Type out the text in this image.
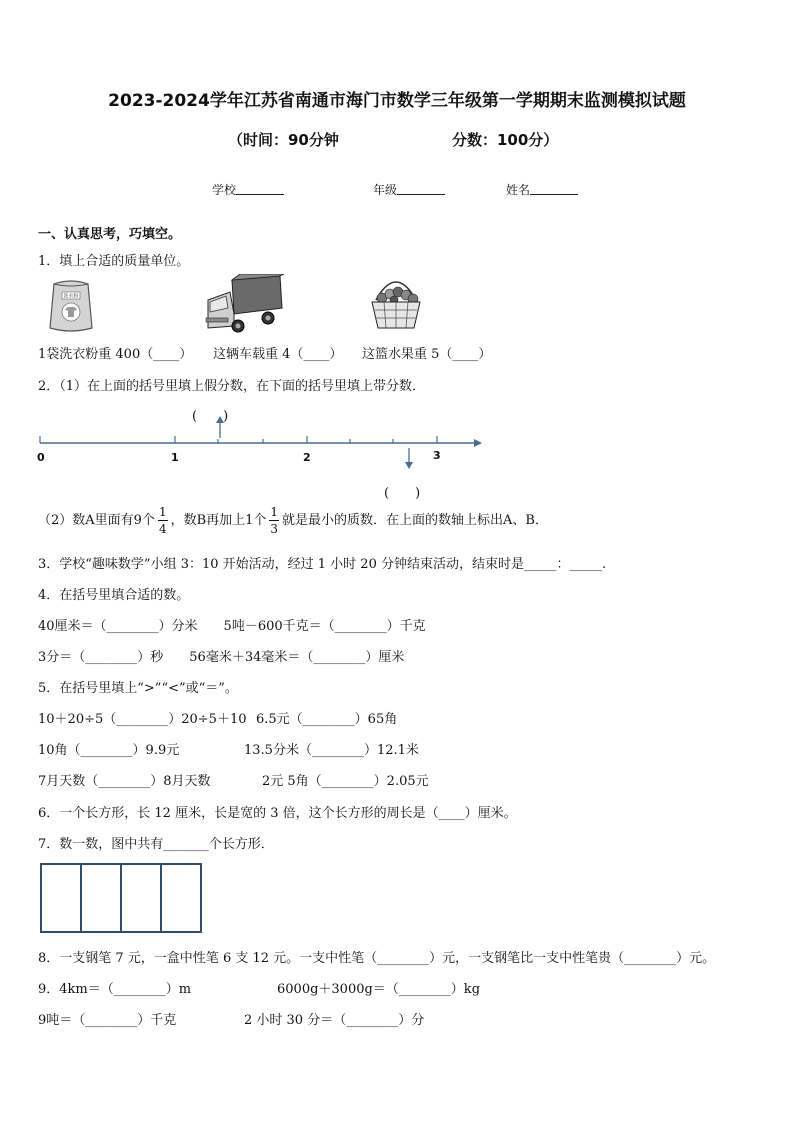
2023-2024学年江苏省南通市海门市数学三年级第一学期期末监测模拟试题
（时间：90分钟	分数：100分）
学校	年级	姓名
一、认真思考，巧填空。
1．填上合适的质量单位。
洗衣粉
1袋洗衣粉重 400（____） 这辆车载重 4（____） 这篮水果重 5（____）
2．（1）在上面的括号里填上假分数，在下面的括号里填上带分数．
(　　)
(　　)
0	1	2	3
（2）数A里面有9个 $\frac{1}{4}$ ，数B再加上1个 $\frac{1}{3}$ 就是最小的质数．在上面的数轴上标出A、B．
3．学校“趣味数学”小组 3：10 开始活动，经过 1 小时 20 分钟结束活动，结束时是_____：_____.
4．在括号里填合适的数。
40厘米＝（________）分米　　5吨－600千克＝（________）千克
3分＝（________）秒　　56毫米＋34毫米＝（________）厘米
5．在括号里填上“>”“<”或“＝”。
10＋20÷5（________）20÷5＋10 6.5元（________）65角
10角（________）9.9元	13.5分米（________）12.1米
7月天数（________）8月天数	2元 5角（________）2.05元
6．一个长方形，长 12 厘米，长是宽的 3 倍，这个长方形的周长是（____）厘米。
7．数一数，图中共有_______个长方形．
8．一支钢笔 7 元，一盒中性笔 6 支 12 元。一支中性笔（________）元，一支钢笔比一支中性笔贵（________）元。
9．4km＝（________）m	6000g＋3000g＝（________）kg
9吨＝（________）千克	2 小时 30 分＝（________）分
